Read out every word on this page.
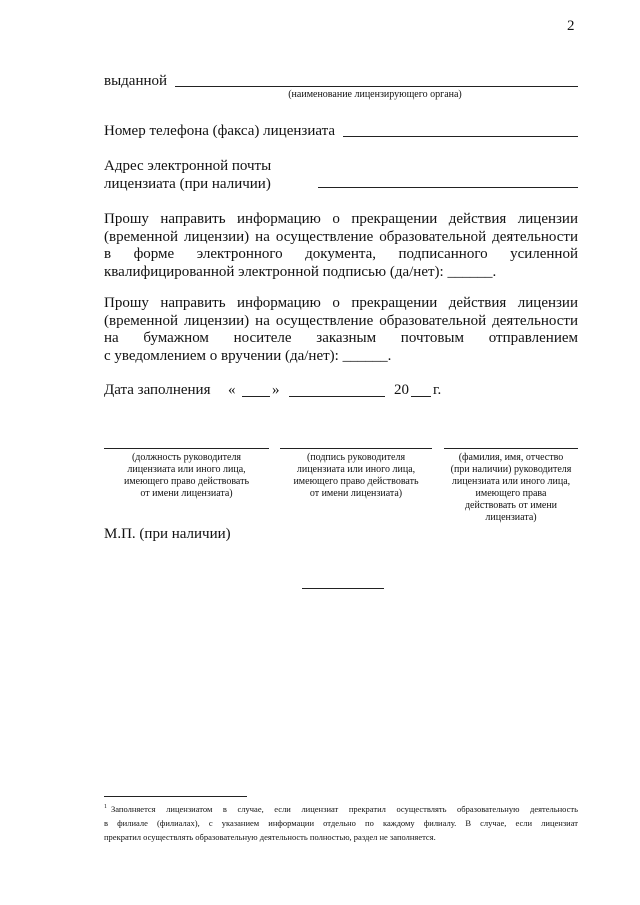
2
выданной
(наименование лицензирующего органа)
Номер телефона (факса) лицензиата
Адрес электронной почты
лицензиата (при наличии)
Прошу направить информацию о прекращении действия лицензии
(временной лицензии) на осуществление образовательной деятельности
в форме электронного документа, подписанного усиленной
квалифицированной электронной подписью (да/нет): ______.
Прошу направить информацию о прекращении действия лицензии
(временной лицензии) на осуществление образовательной деятельности
на бумажном носителе заказным почтовым отправлением
с уведомлением о вручении (да/нет): ______.
Дата заполнения « »	20 г.
(должность руководителя
лицензиата или иного лица,
имеющего право действовать
от имени лицензиата)
(подпись руководителя
лицензиата или иного лица,
имеющего право действовать
от имени лицензиата)
(фамилия, имя, отчество
(при наличии) руководителя
лицензиата или иного лица,
имеющего права
действовать от имени
лицензиата)
М.П. (при наличии)
$^1$ Заполняется лицензиатом в случае, если лицензиат прекратил осуществлять образовательную деятельность
в филиале (филиалах), с указанием информации отдельно по каждому филиалу. В случае, если лицензиат
прекратил осуществлять образовательную деятельность полностью, раздел не заполняется.
